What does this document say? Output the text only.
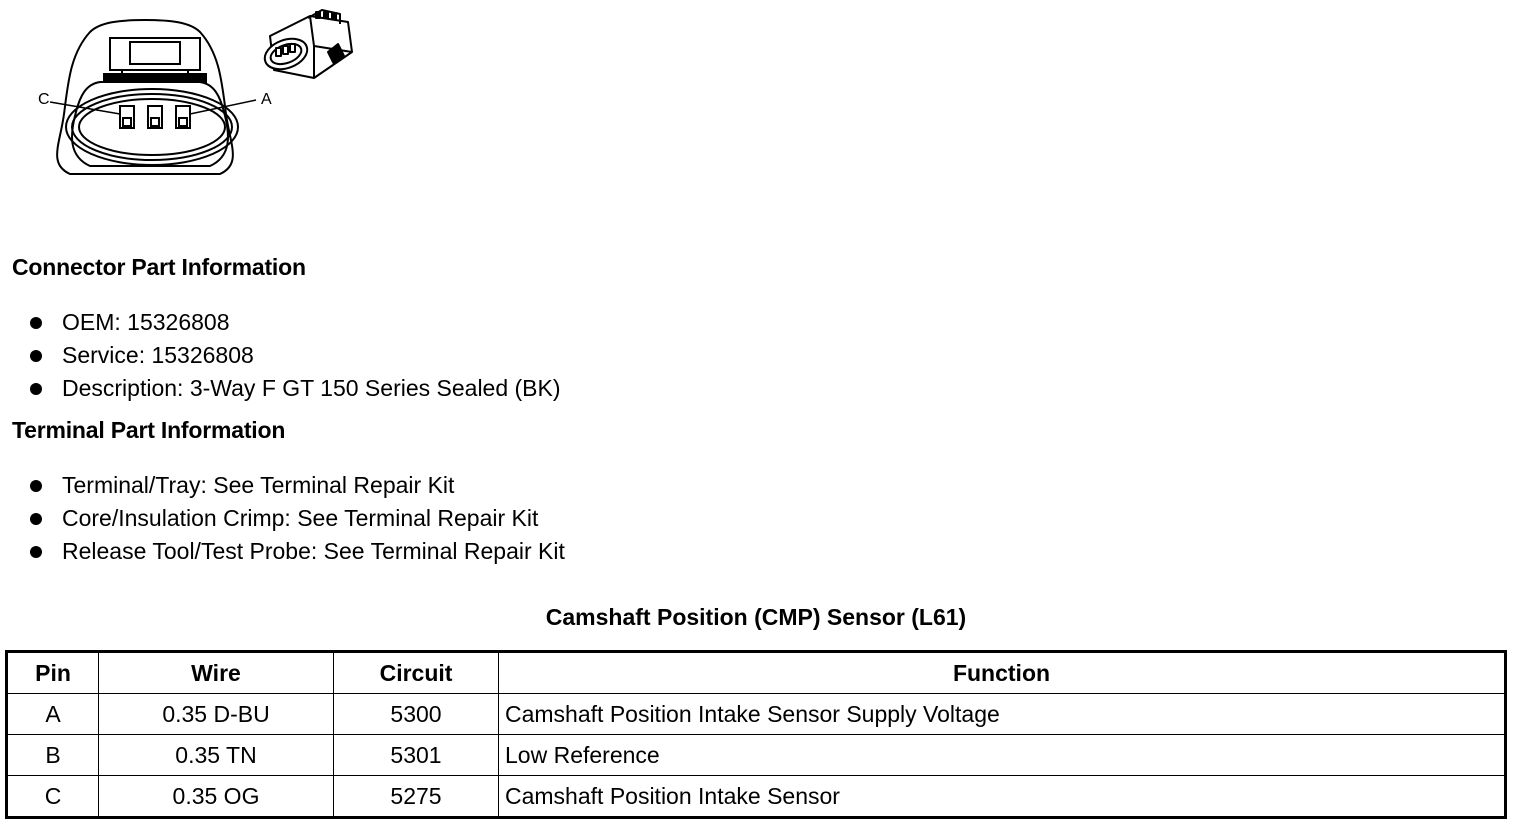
C	A
Connector Part Information
OEM: 15326808
Service: 15326808
Description: 3-Way F GT 150 Series Sealed (BK)
Terminal Part Information
Terminal/Tray: See Terminal Repair Kit
Core/Insulation Crimp: See Terminal Repair Kit
Release Tool/Test Probe: See Terminal Repair Kit
Camshaft Position (CMP) Sensor (L61)
Pin	Wire	Circuit	Function
A	0.35 D-BU	5300	Camshaft Position Intake Sensor Supply Voltage
B	0.35 TN	5301	Low Reference
C	0.35 OG	5275	Camshaft Position Intake Sensor
